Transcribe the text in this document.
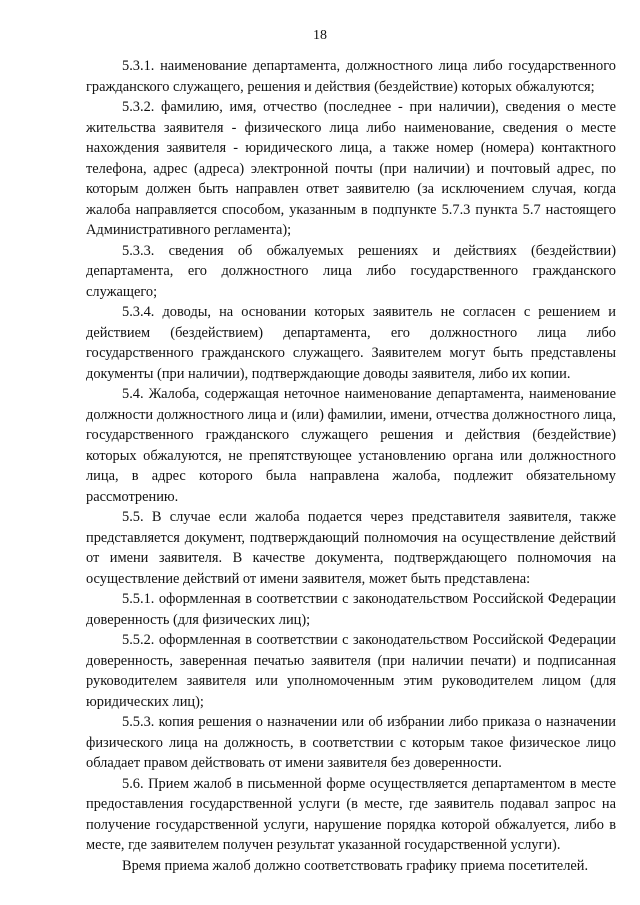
18

5.3.1. наименование департамента, должностного лица либо государственного гражданского служащего, решения и действия (бездействие) которых обжалуются;

5.3.2. фамилию, имя, отчество (последнее - при наличии), сведения о месте жительства заявителя - физического лица либо наименование, сведения о месте нахождения заявителя - юридического лица, а также номер (номера) контактного телефона, адрес (адреса) электронной почты (при наличии) и почтовый адрес, по которым должен быть направлен ответ заявителю (за исключением случая, когда жалоба направляется способом, указанным в подпункте 5.7.3 пункта 5.7 настоящего Административного регламента);

5.3.3. сведения об обжалуемых решениях и действиях (бездействии) департамента, его должностного лица либо государственного гражданского служащего;

5.3.4. доводы, на основании которых заявитель не согласен с решением и действием (бездействием) департамента, его должностного лица либо государственного гражданского служащего. Заявителем могут быть представлены документы (при наличии), подтверждающие доводы заявителя, либо их копии.

5.4. Жалоба, содержащая неточное наименование департамента, наименование должности должностного лица и (или) фамилии, имени, отчества должностного лица, государственного гражданского служащего решения и действия (бездействие) которых обжалуются, не препятствующее установлению органа или должностного лица, в адрес которого была направлена жалоба, подлежит обязательному рассмотрению.

5.5. В случае если жалоба подается через представителя заявителя, также представляется документ, подтверждающий полномочия на осуществление действий от имени заявителя. В качестве документа, подтверждающего полномочия на осуществление действий от имени заявителя, может быть представлена:

5.5.1. оформленная в соответствии с законодательством Российской Федерации доверенность (для физических лиц);

5.5.2. оформленная в соответствии с законодательством Российской Федерации доверенность, заверенная печатью заявителя (при наличии печати) и подписанная руководителем заявителя или уполномоченным этим руководителем лицом (для юридических лиц);

5.5.3. копия решения о назначении или об избрании либо приказа о назначении физического лица на должность, в соответствии с которым такое физическое лицо обладает правом действовать от имени заявителя без доверенности.

5.6. Прием жалоб в письменной форме осуществляется департаментом в месте предоставления государственной услуги (в месте, где заявитель подавал запрос на получение государственной услуги, нарушение порядка которой обжалуется, либо в месте, где заявителем получен результат указанной государственной услуги).

Время приема жалоб должно соответствовать графику приема посетителей.
